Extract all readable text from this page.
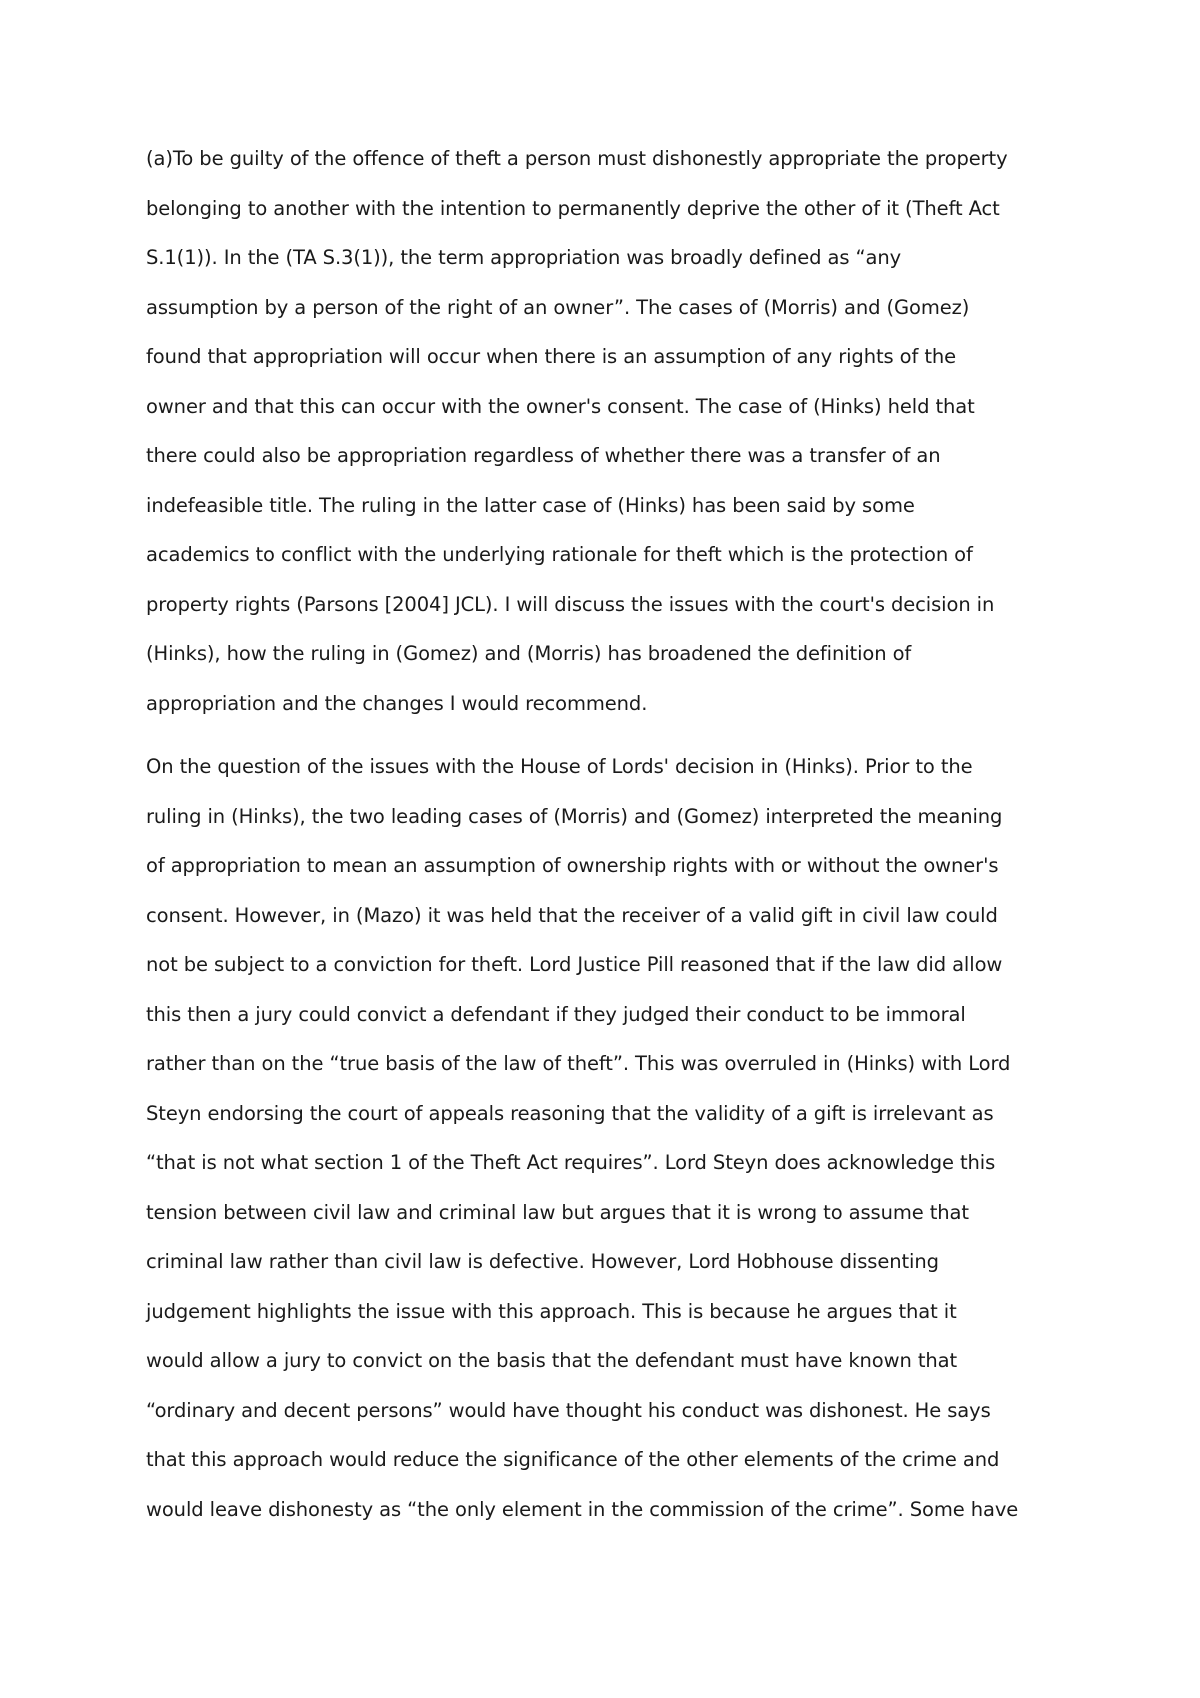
(a)To be guilty of the offence of theft a person must dishonestly appropriate the property
belonging to another with the intention to permanently deprive the other of it (Theft Act
S.1(1)). In the (TA S.3(1)), the term appropriation was broadly defined as “any
assumption by a person of the right of an owner”. The cases of (Morris) and (Gomez)
found that appropriation will occur when there is an assumption of any rights of the
owner and that this can occur with the owner's consent. The case of (Hinks) held that
there could also be appropriation regardless of whether there was a transfer of an
indefeasible title. The ruling in the latter case of (Hinks) has been said by some
academics to conflict with the underlying rationale for theft which is the protection of
property rights (Parsons [2004] JCL). I will discuss the issues with the court's decision in
(Hinks), how the ruling in (Gomez) and (Morris) has broadened the definition of
appropriation and the changes I would recommend.
On the question of the issues with the House of Lords' decision in (Hinks). Prior to the
ruling in (Hinks), the two leading cases of (Morris) and (Gomez) interpreted the meaning
of appropriation to mean an assumption of ownership rights with or without the owner's
consent. However, in (Mazo) it was held that the receiver of a valid gift in civil law could
not be subject to a conviction for theft. Lord Justice Pill reasoned that if the law did allow
this then a jury could convict a defendant if they judged their conduct to be immoral
rather than on the “true basis of the law of theft”. This was overruled in (Hinks) with Lord
Steyn endorsing the court of appeals reasoning that the validity of a gift is irrelevant as
“that is not what section 1 of the Theft Act requires”. Lord Steyn does acknowledge this
tension between civil law and criminal law but argues that it is wrong to assume that
criminal law rather than civil law is defective. However, Lord Hobhouse dissenting
judgement highlights the issue with this approach. This is because he argues that it
would allow a jury to convict on the basis that the defendant must have known that
“ordinary and decent persons” would have thought his conduct was dishonest. He says
that this approach would reduce the significance of the other elements of the crime and
would leave dishonesty as “the only element in the commission of the crime”. Some have
